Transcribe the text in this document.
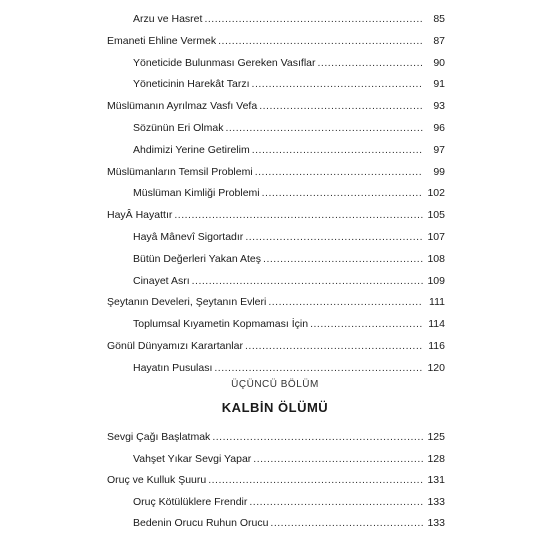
Arzu ve Hasret .....	85
Emaneti Ehline Vermek .....	87
Yöneticide Bulunması Gereken Vasıflar .....	90
Yöneticinin Harekât Tarzı .....	91
Müslümanın Ayrılmaz Vasfı Vefa .....	93
Sözünün Eri Olmak .....	96
Ahdimizi Yerine Getirelim .....	97
Müslümanların Temsil Problemi .....	99
Müslüman Kimliği Problemi .....	102
HayÂ Hayattır .....	105
Hayâ Mânevî Sigortadır .....	107
Bütün Değerleri Yakan Ateş .....	108
Cinayet Asrı .....	109
Şeytanın Develeri, Şeytanın Evleri .....	111
Toplumsal Kıyametin Kopmaması İçin .....	114
Gönül Dünyamızı Karartanlar .....	116
Hayatın Pusulası .....	120
ÜÇÜNCÜ BÖLÜM
KALBİN ÖLÜMÜ
Sevgi Çağı Başlatmak .....	125
Vahşet Yıkar Sevgi Yapar .....	128
Oruç ve Kulluk Şuuru .....	131
Oruç Kötülüklere Frendir .....	133
Bedenin Orucu Ruhun Orucu .....	133
